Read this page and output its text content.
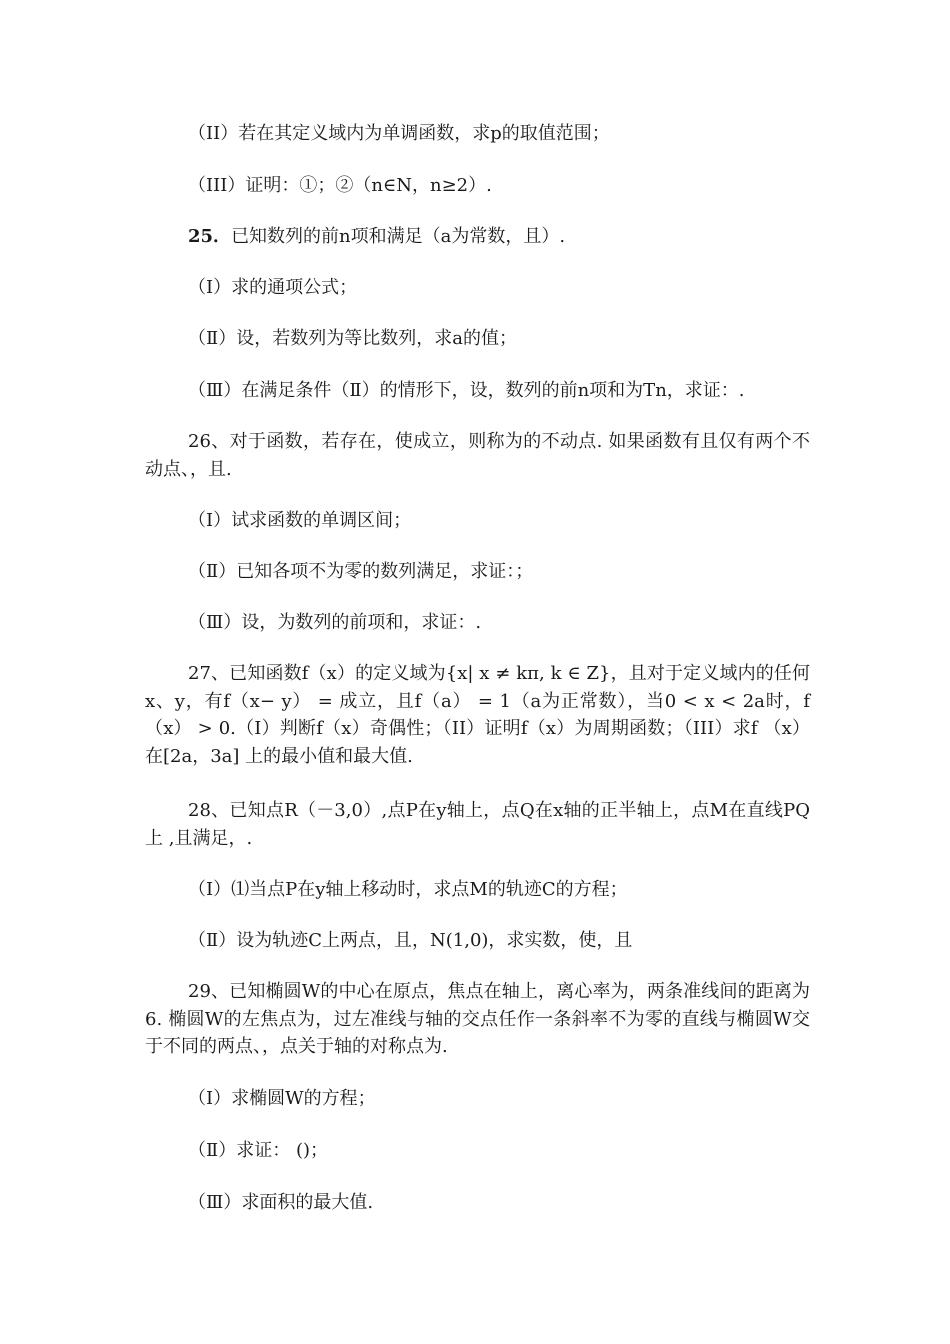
（II）若在其定义域内为单调函数，求p的取值范围；
（III）证明：①；②（n∈N，n≥2）.
25．已知数列的前n项和满足（a为常数，且）.
（Ⅰ）求的通项公式；
（Ⅱ）设，若数列为等比数列，求a的值；
（Ⅲ）在满足条件（Ⅱ）的情形下，设，数列的前n项和为Tn，求证：.
26、对于函数，若存在，使成立，则称为的不动点. 如果函数有且仅有两个不动点、，且.
（Ⅰ）试求函数的单调区间；
（Ⅱ）已知各项不为零的数列满足，求证：；
（Ⅲ）设，为数列的前项和，求证：.
27、已知函数f（x）的定义域为{x| x ≠ kπ, k ∈ Z}，且对于定义域内的任何x、y，有f（x− y） = 成立，且f（a） = 1（a为正常数），当0 < x < 2a时，f（x） > 0.（I）判断f（x）奇偶性；（II）证明f（x）为周期函数；（III）求f （x）在[2a，3a] 上的最小值和最大值.
28、已知点R（－3,0）,点P在y轴上，点Q在x轴的正半轴上，点M在直线PQ上 ,且满足，.
（Ⅰ）⑴当点P在y轴上移动时，求点M的轨迹C的方程；
（Ⅱ）设为轨迹C上两点，且，N(1,0)，求实数，使，且
29、已知椭圆W的中心在原点，焦点在轴上，离心率为，两条准线间的距离为6. 椭圆W的左焦点为，过左准线与轴的交点任作一条斜率不为零的直线与椭圆W交于不同的两点、，点关于轴的对称点为.
（Ⅰ）求椭圆W的方程；
（Ⅱ）求证： ()；
（Ⅲ）求面积的最大值.
